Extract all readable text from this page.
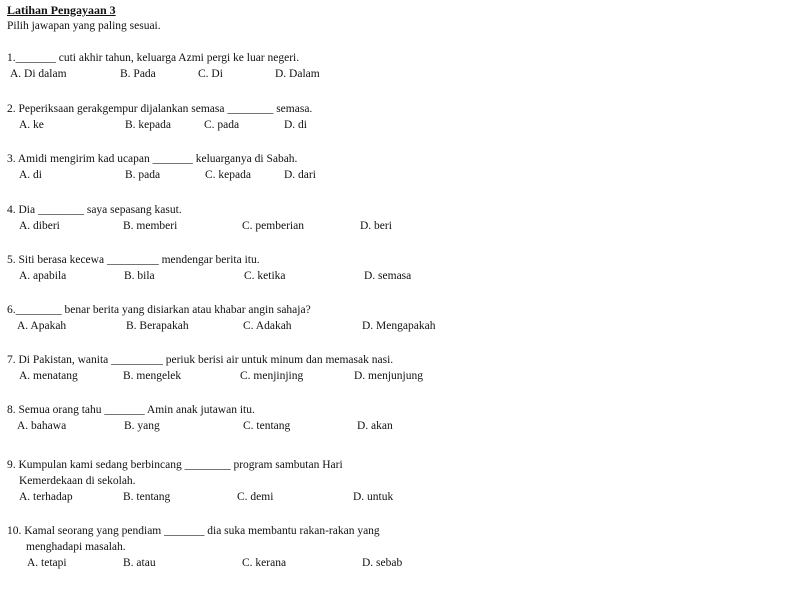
Latihan Pengayaan 3
Pilih jawapan yang paling sesuai.
1._______ cuti akhir tahun, keluarga Azmi pergi ke luar negeri.
A. Di dalam	B. Pada	C. Di	D. Dalam
2. Peperiksaan gerakgempur dijalankan semasa ________ semasa.
A. ke	B. kepada	C. pada	D. di
3. Amidi mengirim kad ucapan _______ keluarganya di Sabah.
A. di	B. pada	C. kepada	D. dari
4. Dia ________ saya sepasang kasut.
A. diberi	B. memberi	C. pemberian	D. beri
5. Siti berasa kecewa _________ mendengar berita itu.
A. apabila	B. bila	C. ketika	D. semasa
6.________ benar berita yang disiarkan atau khabar angin sahaja?
A. Apakah	B. Berapakah	C. Adakah	D. Mengapakah
7. Di Pakistan, wanita _________ periuk berisi air untuk minum dan memasak nasi.
A. menatang	B. mengelek	C. menjinjing	D. menjunjung
8. Semua orang tahu _______ Amin anak jutawan itu.
A. bahawa	B. yang	C. tentang	D. akan
9. Kumpulan kami sedang berbincang ________ program sambutan Hari
Kemerdekaan di sekolah.
A. terhadap	B. tentang	C. demi	D. untuk
10. Kamal seorang yang pendiam _______ dia suka membantu rakan-rakan yang
menghadapi masalah.
A. tetapi	B. atau	C. kerana	D. sebab
